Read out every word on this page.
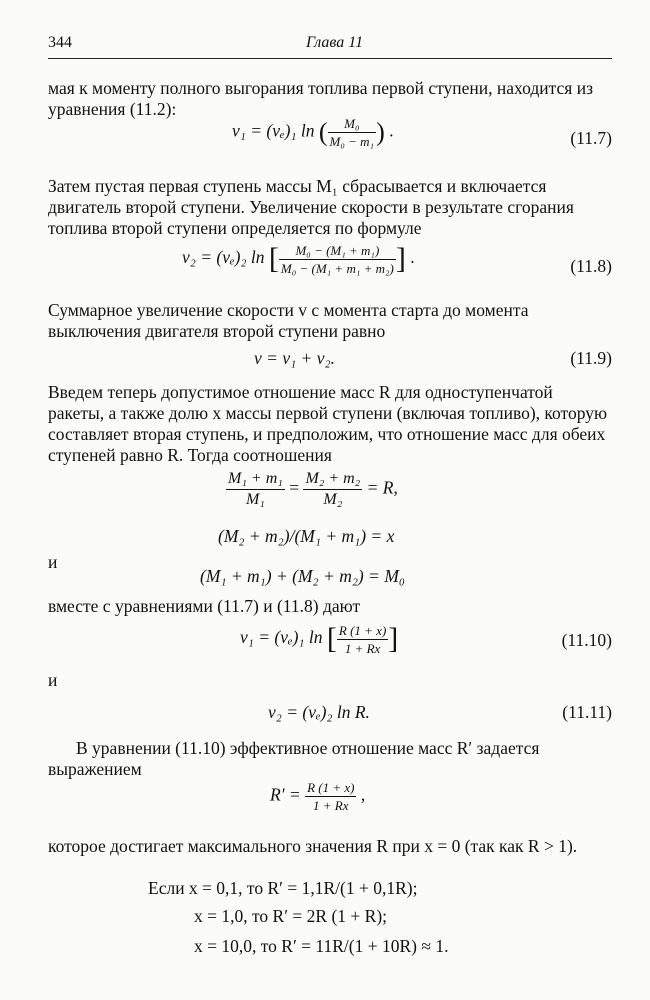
344	Глава 11

мая к моменту полного выгорания топлива первой ступени, находится из уравнения (11.2):

v₁ = (vₑ)₁ ln ( $\frac{\text{M₀}}{\text{M₀ − m₁}}$ ) .	(11.7)

Затем пустая первая ступень массы M₁ сбрасывается и включается двигатель второй ступени. Увеличение скорости в результате сгорания топлива второй ступени определяется по формуле

v₂ = (vₑ)₂ ln [ $\frac{\text{M₀ − (M₁ + m₁)}}{\text{M₀ − (M₁ + m₁ + m₂)}}$ ] .	(11.8)

Суммарное увеличение скорости v с момента старта до момента выключения двигателя второй ступени равно

v = v₁ + v₂.	(11.9)

Введем теперь допустимое отношение масс R для одноступенчатой ракеты, а также долю x массы первой ступени (включая топливо), которую составляет вторая ступень, и предположим, что отношение масс для обеих ступеней равно R. Тогда соотношения

$\frac{\text{M₁ + m₁}}{\text{M₁}} = \frac{\text{M₂ + m₂}}{\text{M₂}} = R$,
(M₂ + m₂)/(M₁ + m₁) = x
и
(M₁ + m₁) + (M₂ + m₂) = M₀

вместе с уравнениями (11.7) и (11.8) дают

v₁ = (vₑ)₁ ln [ $\frac{R (1 + x)}{1 + Rx}$ ]	(11.10)
и
v₂ = (vₑ)₂ ln R.	(11.11)

В уравнении (11.10) эффективное отношение масс R′ задается выражением

$R' = \frac{R (1 + x)}{1 + Rx}$ ,

которое достигает максимального значения R при x = 0 (так как R > 1).

Если x = 0,1, то R′ = 1,1R/(1 + 0,1R);
x = 1,0, то R′ = 2R (1 + R);
x = 10,0, то R′ = 11R/(1 + 10R) ≈ 1.
